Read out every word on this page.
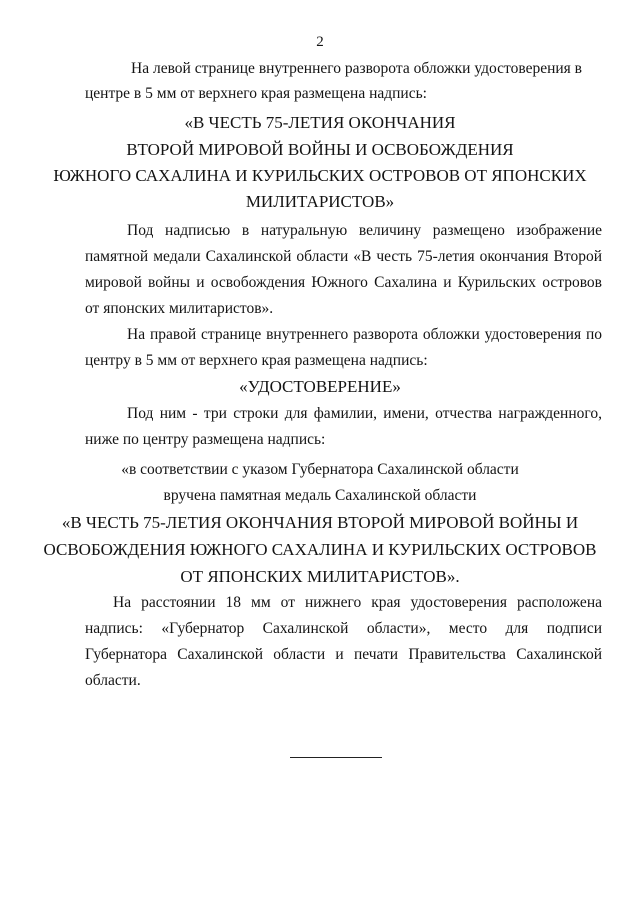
2
На левой странице внутреннего разворота обложки удостоверения в
центре в 5 мм от верхнего края размещена надпись:
«В ЧЕСТЬ 75-ЛЕТИЯ ОКОНЧАНИЯ
ВТОРОЙ МИРОВОЙ ВОЙНЫ И ОСВОБОЖДЕНИЯ
ЮЖНОГО САХАЛИНА И КУРИЛЬСКИХ ОСТРОВОВ ОТ ЯПОНСКИХ
МИЛИТАРИСТОВ»
Под надписью в натуральную величину размещено изображение
памятной медали Сахалинской области «В честь 75-летия окончания Второй
мировой войны и освобождения Южного Сахалина и Курильских островов
от японских милитаристов».
На правой странице внутреннего разворота обложки удостоверения по
центру в 5 мм от верхнего края размещена надпись:
«УДОСТОВЕРЕНИЕ»
Под ним - три строки для фамилии, имени, отчества награжденного,
ниже по центру размещена надпись:
«в соответствии с указом Губернатора Сахалинской области
вручена памятная медаль Сахалинской области
«В ЧЕСТЬ 75-ЛЕТИЯ ОКОНЧАНИЯ ВТОРОЙ МИРОВОЙ ВОЙНЫ И
ОСВОБОЖДЕНИЯ ЮЖНОГО САХАЛИНА И КУРИЛЬСКИХ ОСТРОВОВ
ОТ ЯПОНСКИХ МИЛИТАРИСТОВ».
На расстоянии 18 мм от нижнего края удостоверения расположена
надпись: «Губернатор Сахалинской области», место для подписи
Губернатора Сахалинской области и печати Правительства Сахалинской
области.
